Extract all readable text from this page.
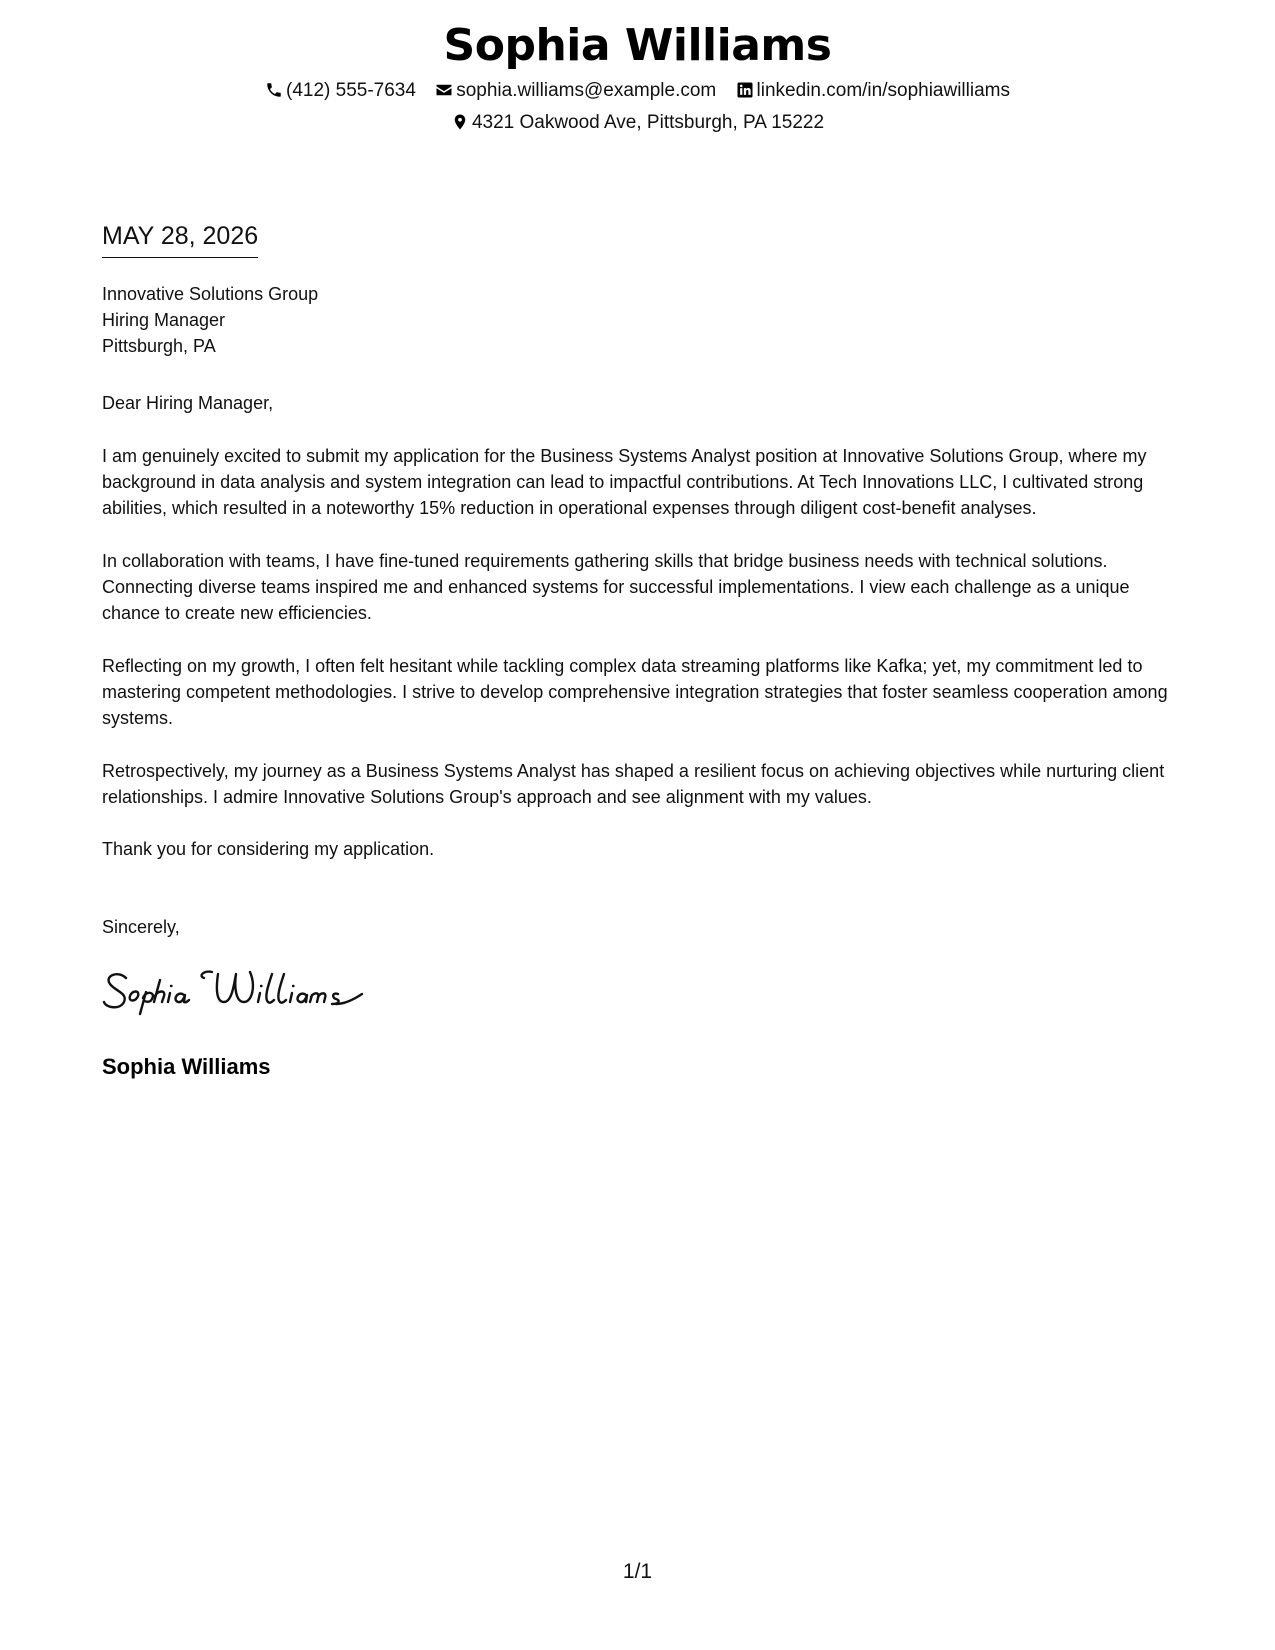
Sophia Williams
(412) 555-7634 sophia.williams@example.com linkedin.com/in/sophiawilliams
4321 Oakwood Ave, Pittsburgh, PA 15222
MAY 28, 2026
Innovative Solutions Group
Hiring Manager
Pittsburgh, PA
Dear Hiring Manager,
I am genuinely excited to submit my application for the Business Systems Analyst position at Innovative Solutions Group, where my background in data analysis and system integration can lead to impactful contributions. At Tech Innovations LLC, I cultivated strong abilities, which resulted in a noteworthy 15% reduction in operational expenses through diligent cost-benefit analyses.
In collaboration with teams, I have fine-tuned requirements gathering skills that bridge business needs with technical solutions. Connecting diverse teams inspired me and enhanced systems for successful implementations. I view each challenge as a unique chance to create new efficiencies.
Reflecting on my growth, I often felt hesitant while tackling complex data streaming platforms like Kafka; yet, my commitment led to mastering competent methodologies. I strive to develop comprehensive integration strategies that foster seamless cooperation among systems.
Retrospectively, my journey as a Business Systems Analyst has shaped a resilient focus on achieving objectives while nurturing client relationships. I admire Innovative Solutions Group's approach and see alignment with my values.
Thank you for considering my application.
Sincerely,
Sophia Williams
1/1
